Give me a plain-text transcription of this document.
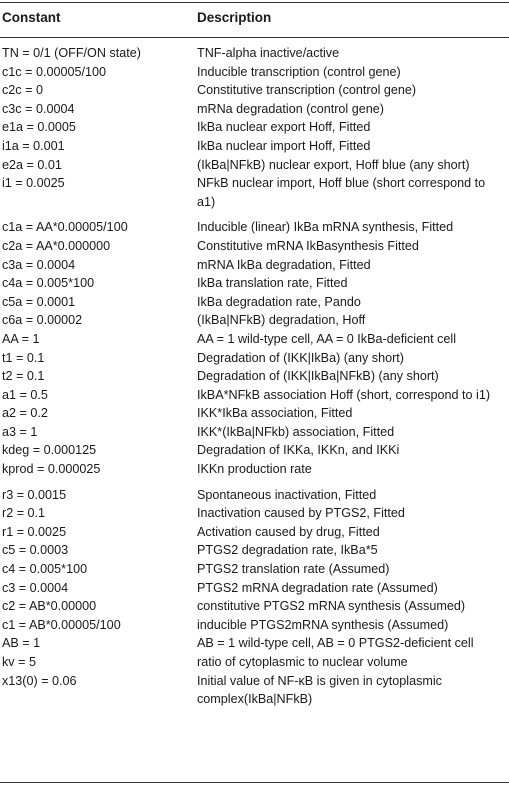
Constant	Description
TN = 0/1 (OFF/ON state)	TNF-alpha inactive/active
c1c = 0.00005/100	Inducible transcription (control gene)
c2c = 0	Constitutive transcription (control gene)
c3c = 0.0004	mRNa degradation (control gene)
e1a = 0.0005	IkBa nuclear export Hoff, Fitted
i1a = 0.001	IkBa nuclear import Hoff, Fitted
e2a = 0.01	(IkBa|NFkB) nuclear export, Hoff blue (any short)
i1 = 0.0025	NFkB nuclear import, Hoff blue (short correspond to a1)
c1a = AA*0.00005/100	Inducible (linear) IkBa mRNA synthesis, Fitted
c2a = AA*0.000000	Constitutive mRNA IkBasynthesis Fitted
c3a = 0.0004	mRNA IkBa degradation, Fitted
c4a = 0.005*100	IkBa translation rate, Fitted
c5a = 0.0001	IkBa degradation rate, Pando
c6a = 0.00002	(IkBa|NFkB) degradation, Hoff
AA = 1	AA = 1 wild-type cell, AA = 0 IkBa-deficient cell
t1 = 0.1	Degradation of (IKK|IkBa) (any short)
t2 = 0.1	Degradation of (IKK|IkBa|NFkB) (any short)
a1 = 0.5	IkBA*NFkB association Hoff (short, correspond to i1)
a2 = 0.2	IKK*IkBa association, Fitted
a3 = 1	IKK*(IkBa|NFkb) association, Fitted
kdeg = 0.000125	Degradation of IKKa, IKKn, and IKKi
kprod = 0.000025	IKKn production rate
r3 = 0.0015	Spontaneous inactivation, Fitted
r2 = 0.1	Inactivation caused by PTGS2, Fitted
r1 = 0.0025	Activation caused by drug, Fitted
c5 = 0.0003	PTGS2 degradation rate, IkBa*5
c4 = 0.005*100	PTGS2 translation rate (Assumed)
c3 = 0.0004	PTGS2 mRNA degradation rate (Assumed)
c2 = AB*0.00000	constitutive PTGS2 mRNA synthesis (Assumed)
c1 = AB*0.00005/100	inducible PTGS2mRNA synthesis (Assumed)
AB = 1	AB = 1 wild-type cell, AB = 0 PTGS2-deficient cell
kv = 5	ratio of cytoplasmic to nuclear volume
x13(0) = 0.06	Initial value of NF-κB is given in cytoplasmic complex(IkBa|NFkB)
